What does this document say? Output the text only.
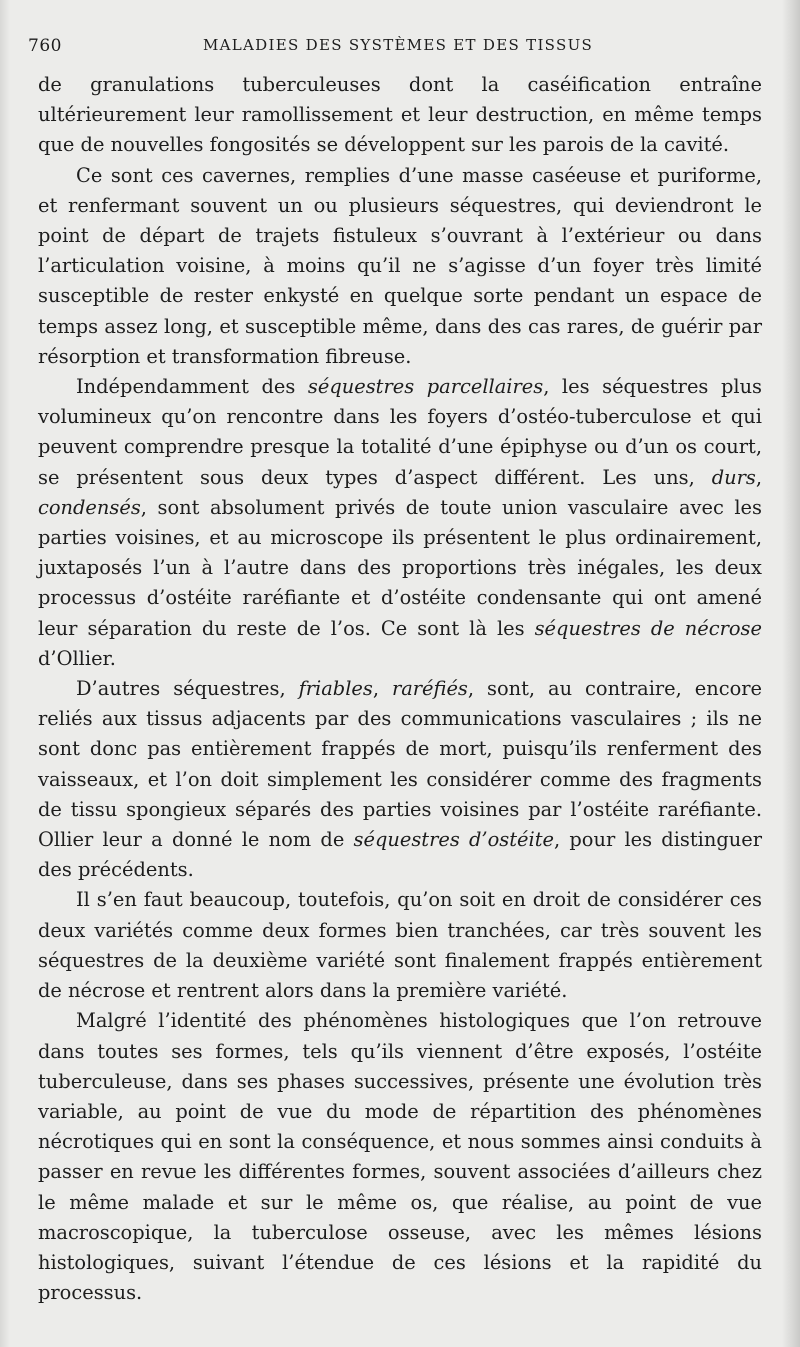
760	MALADIES DES SYSTÈMES ET DES TISSUS

de granulations tuberculeuses dont la caséification entraîne ultérieurement leur ramollissement et leur destruction, en même temps que de nouvelles fongosités se développent sur les parois de la cavité.

Ce sont ces cavernes, remplies d’une masse caséeuse et puriforme, et renfermant souvent un ou plusieurs séquestres, qui deviendront le point de départ de trajets fistuleux s’ouvrant à l’extérieur ou dans l’articulation voisine, à moins qu’il ne s’agisse d’un foyer très limité susceptible de rester enkysté en quelque sorte pendant un espace de temps assez long, et susceptible même, dans des cas rares, de guérir par résorption et transformation fibreuse.

Indépendamment des séquestres parcellaires, les séquestres plus volumineux qu’on rencontre dans les foyers d’ostéo-tuberculose et qui peuvent comprendre presque la totalité d’une épiphyse ou d’un os court, se présentent sous deux types d’aspect différent. Les uns, durs, condensés, sont absolument privés de toute union vasculaire avec les parties voisines, et au microscope ils présentent le plus ordinairement, juxtaposés l’un à l’autre dans des proportions très inégales, les deux processus d’ostéite raréfiante et d’ostéite condensante qui ont amené leur séparation du reste de l’os. Ce sont là les séquestres de nécrose d’Ollier.

D’autres séquestres, friables, raréfiés, sont, au contraire, encore reliés aux tissus adjacents par des communications vasculaires ; ils ne sont donc pas entièrement frappés de mort, puisqu’ils renferment des vaisseaux, et l’on doit simplement les considérer comme des fragments de tissu spongieux séparés des parties voisines par l’ostéite raréfiante. Ollier leur a donné le nom de séquestres d’ostéite, pour les distinguer des précédents.

Il s’en faut beaucoup, toutefois, qu’on soit en droit de considérer ces deux variétés comme deux formes bien tranchées, car très souvent les séquestres de la deuxième variété sont finalement frappés entièrement de nécrose et rentrent alors dans la première variété.

Malgré l’identité des phénomènes histologiques que l’on retrouve dans toutes ses formes, tels qu’ils viennent d’être exposés, l’ostéite tuberculeuse, dans ses phases successives, présente une évolution très variable, au point de vue du mode de répartition des phénomènes nécrotiques qui en sont la conséquence, et nous sommes ainsi conduits à passer en revue les différentes formes, souvent associées d’ailleurs chez le même malade et sur le même os, que réalise, au point de vue macroscopique, la tuberculose osseuse, avec les mêmes lésions histologiques, suivant l’étendue de ces lésions et la rapidité du processus.
